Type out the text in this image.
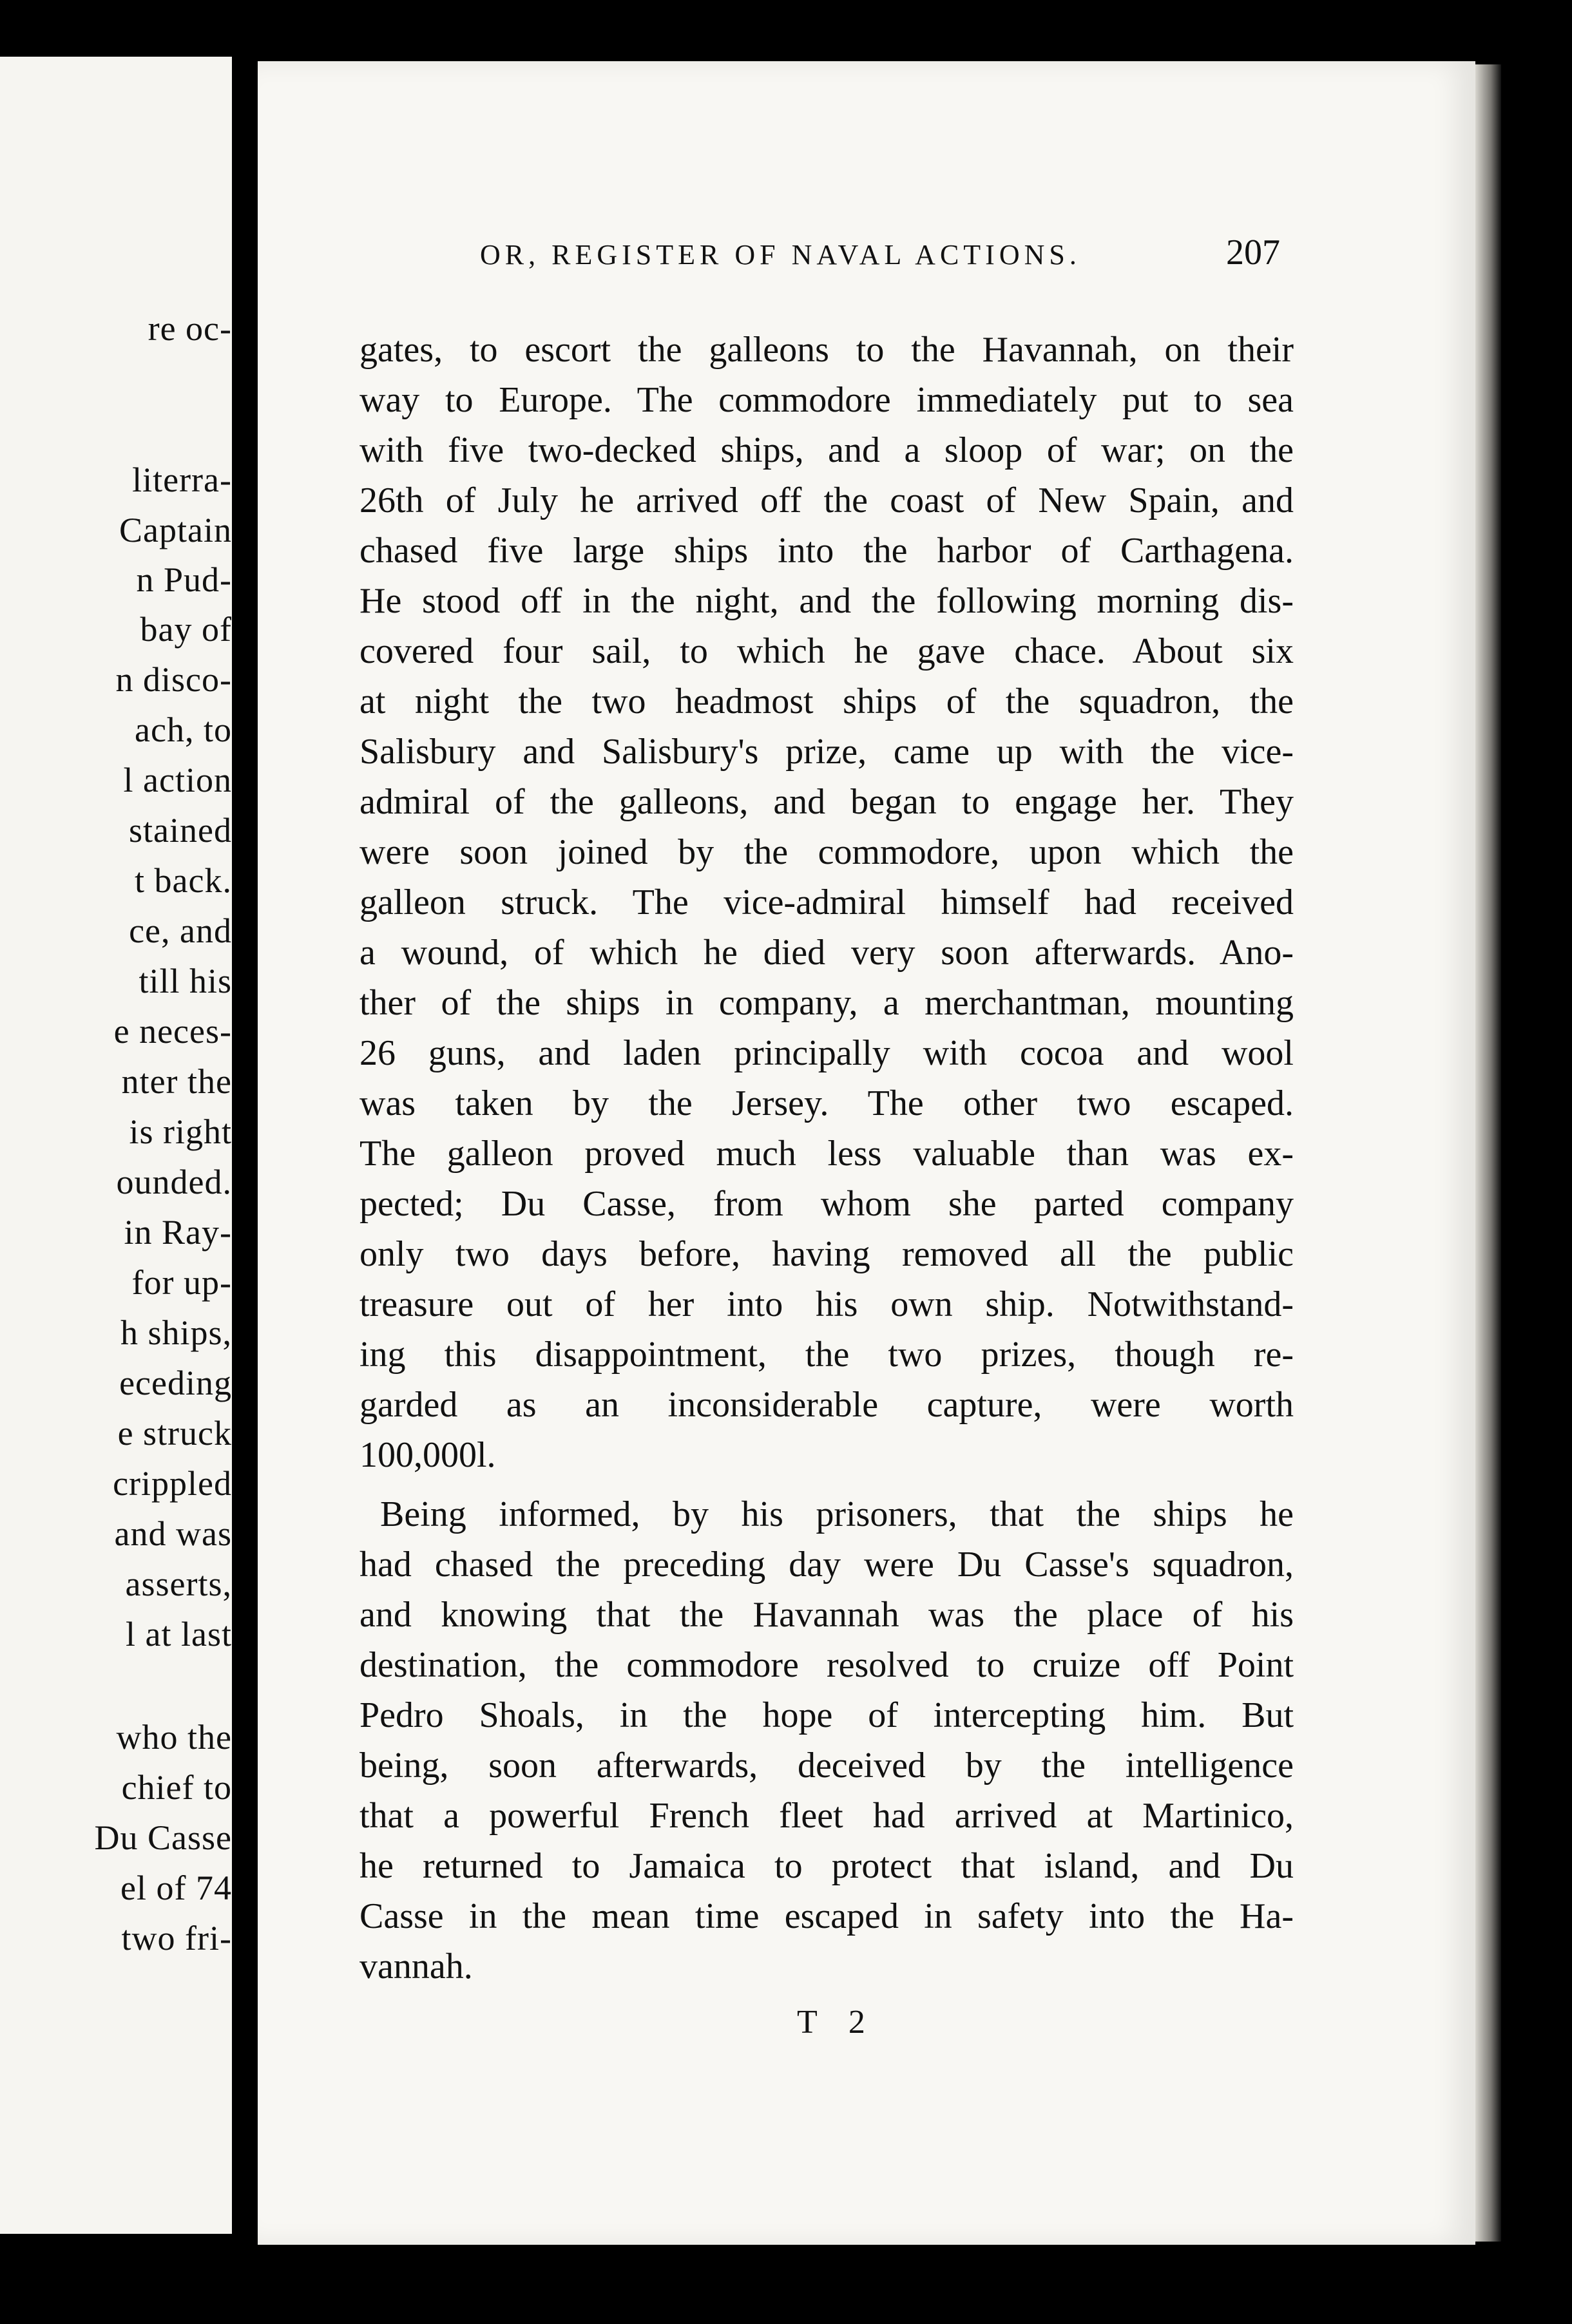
re oc-
literra-
Captain
n Pud-
bay of
n disco-
ach, to
l action
stained
t back.
ce, and
till his
e neces-
nter the
is right
ounded.
in Ray-
for up-
h ships,
eceding
e struck
crippled
and was
asserts,
l at last
who the
chief to
Du Casse
el of 74
two fri-
OR, REGISTER OF NAVAL ACTIONS.	207
gates, to escort the galleons to the Havannah, on their
way to Europe. The commodore immediately put to sea
with five two-decked ships, and a sloop of war; on the
26th of July he arrived off the coast of New Spain, and
chased five large ships into the harbor of Carthagena.
He stood off in the night, and the following morning dis-
covered four sail, to which he gave chace. About six
at night the two headmost ships of the squadron, the
Salisbury and Salisbury's prize, came up with the vice-
admiral of the galleons, and began to engage her. They
were soon joined by the commodore, upon which the
galleon struck. The vice-admiral himself had received
a wound, of which he died very soon afterwards. Ano-
ther of the ships in company, a merchantman, mounting
26 guns, and laden principally with cocoa and wool
was taken by the Jersey. The other two escaped.
The galleon proved much less valuable than was ex-
pected; Du Casse, from whom she parted company
only two days before, having removed all the public
treasure out of her into his own ship. Notwithstand-
ing this disappointment, the two prizes, though re-
garded as an inconsiderable capture, were worth
100,000l.
Being informed, by his prisoners, that the ships he
had chased the preceding day were Du Casse's squadron,
and knowing that the Havannah was the place of his
destination, the commodore resolved to cruize off Point
Pedro Shoals, in the hope of intercepting him. But
being, soon afterwards, deceived by the intelligence
that a powerful French fleet had arrived at Martinico,
he returned to Jamaica to protect that island, and Du
Casse in the mean time escaped in safety into the Ha-
vannah.
T 2
